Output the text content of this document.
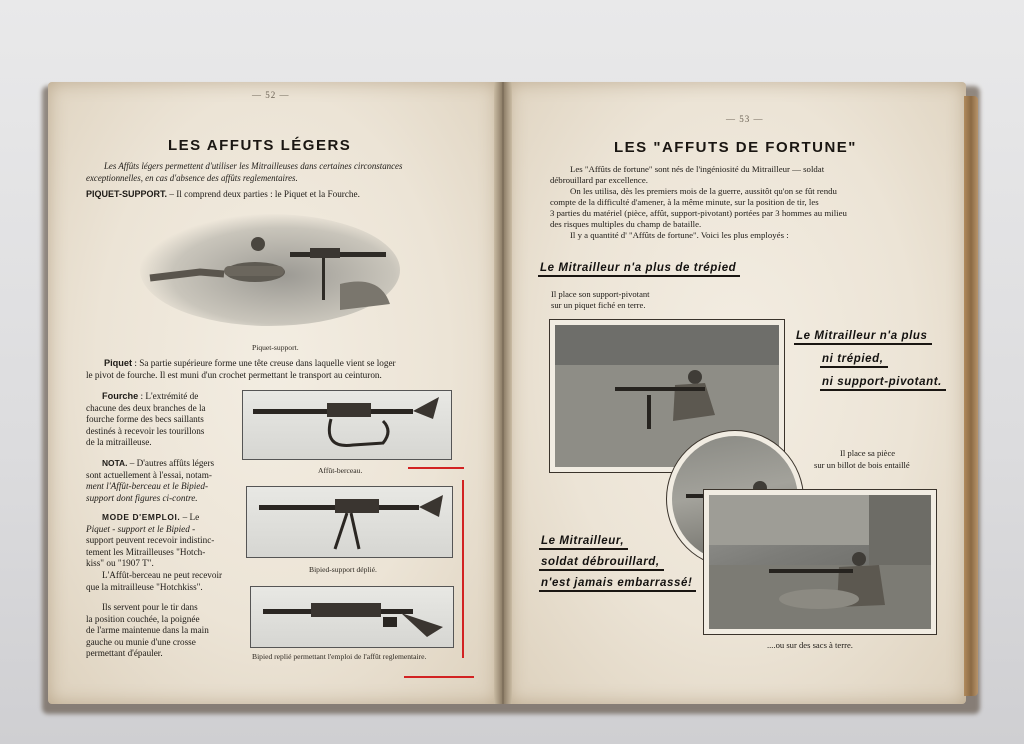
— 52 —
LES AFFUTS LÉGERS
Les Affûts légers permettent d'utiliser les Mitrailleuses dans certaines circonstances
exceptionnelles, en cas d'absence des affûts reglementaires.
PIQUET-SUPPORT. – Il comprend deux parties : le Piquet et la Fourche.
Piquet-support.
Piquet : Sa partie supérieure forme une tête creuse dans laquelle vient se loger
le pivot de fourche. Il est muni d'un crochet permettant le transport au ceinturon.
Fourche : L'extrémité de
chacune des deux branches de la
fourche forme des becs saillants
destinés à recevoir les tourillons
de la mitrailleuse.
NOTA. – D'autres affûts légers
sont actuellement à l'essai, notam-
ment l'Affût-berceau et le Bipied-
support dont figures ci-contre.
MODE D'EMPLOI. – Le
Piquet - support et le Bipied -
support peuvent recevoir indistinc-
tement les Mitrailleuses "Hotch-
kiss" ou "1907 T".
L'Affût-berceau ne peut recevoir
que la mitrailleuse "Hotchkiss".
Ils servent pour le tir dans
la position couchée, la poignée
de l'arme maintenue dans la main
gauche ou munie d'une crosse
permettant d'épauler.
Affût-berceau.
Bipied-support déplié.
Bipied replié permettant l'emploi de l'affût reglementaire.
— 53 —
LES "AFFUTS DE FORTUNE"
Les "Affûts de fortune" sont nés de l'ingéniosité du Mitrailleur — soldat
débrouillard par excellence.
On les utilisa, dès les premiers mois de la guerre, aussitôt qu'on se fût rendu
compte de la difficulté d'amener, à la même minute, sur la position de tir, les
3 parties du matériel (pièce, affût, support-pivotant) portées par 3 hommes au milieu
des risques multiples du champ de bataille.
Il y a quantité d' "Affûts de fortune". Voici les plus employés :
Le Mitrailleur n'a plus de trépied
Il place son support-pivotant
sur un piquet fiché en terre.
Le Mitrailleur n'a plus
ni trépied,
ni support-pivotant.
Il place sa pièce
sur un billot de bois entaillé
Le Mitrailleur,
soldat débrouillard,
n'est jamais embarrassé!
....ou sur des sacs à terre.
